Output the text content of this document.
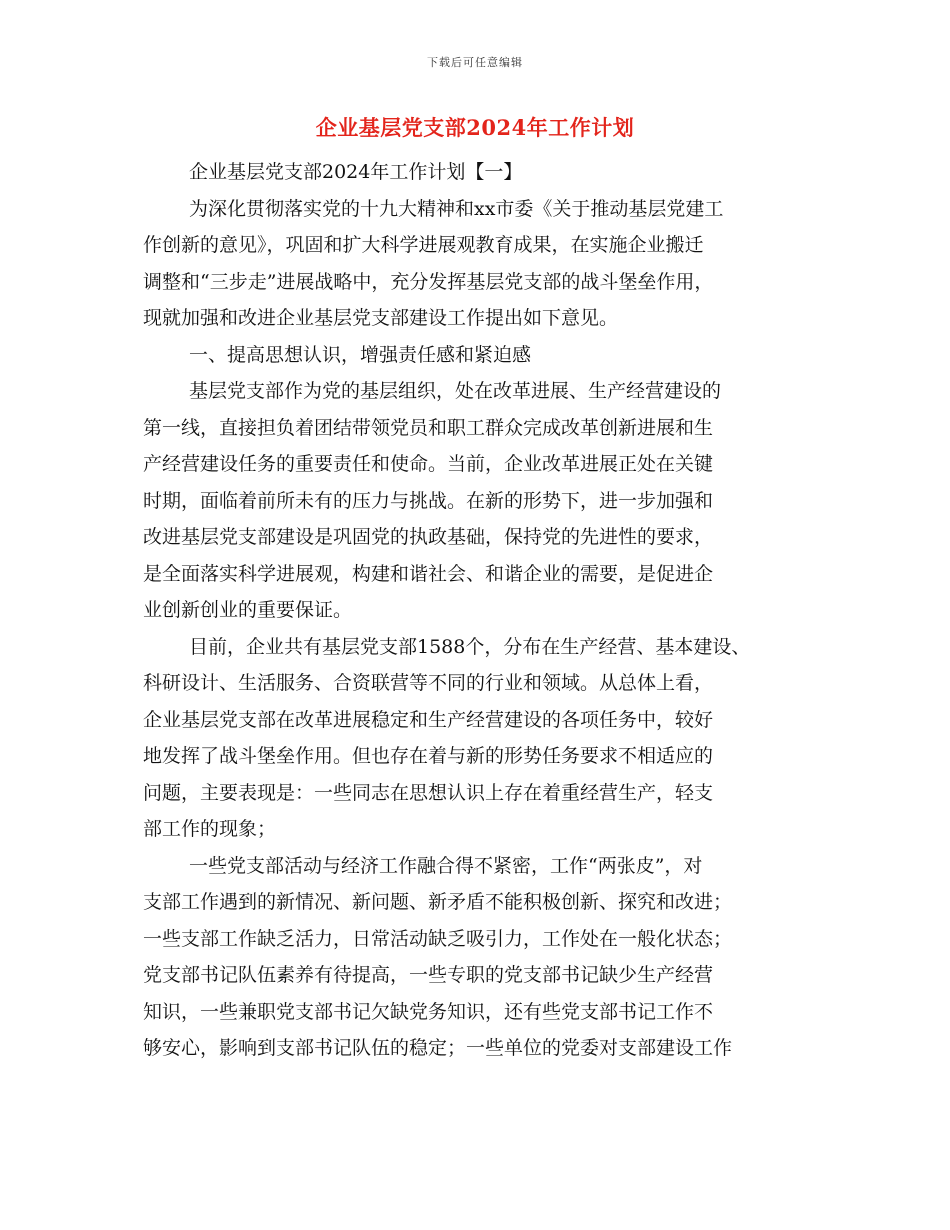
下载后可任意编辑
企业基层党支部2024年工作计划
企业基层党支部2024年工作计划【一】
为深化贯彻落实党的十九大精神和xx市委《关于推动基层党建工
作创新的意见》，巩固和扩大科学进展观教育成果，在实施企业搬迁
调整和“三步走”进展战略中，充分发挥基层党支部的战斗堡垒作用，
现就加强和改进企业基层党支部建设工作提出如下意见。
一、提高思想认识，增强责任感和紧迫感
基层党支部作为党的基层组织，处在改革进展、生产经营建设的
第一线，直接担负着团结带领党员和职工群众完成改革创新进展和生
产经营建设任务的重要责任和使命。当前，企业改革进展正处在关键
时期，面临着前所未有的压力与挑战。在新的形势下，进一步加强和
改进基层党支部建设是巩固党的执政基础，保持党的先进性的要求，
是全面落实科学进展观，构建和谐社会、和谐企业的需要，是促进企
业创新创业的重要保证。
目前，企业共有基层党支部1588个，分布在生产经营、基本建设、
科研设计、生活服务、合资联营等不同的行业和领域。从总体上看，
企业基层党支部在改革进展稳定和生产经营建设的各项任务中，较好
地发挥了战斗堡垒作用。但也存在着与新的形势任务要求不相适应的
问题，主要表现是：一些同志在思想认识上存在着重经营生产，轻支
部工作的现象；
一些党支部活动与经济工作融合得不紧密，工作“两张皮”，对
支部工作遇到的新情况、新问题、新矛盾不能积极创新、探究和改进；
一些支部工作缺乏活力，日常活动缺乏吸引力，工作处在一般化状态；
党支部书记队伍素养有待提高，一些专职的党支部书记缺少生产经营
知识，一些兼职党支部书记欠缺党务知识，还有些党支部书记工作不
够安心，影响到支部书记队伍的稳定；一些单位的党委对支部建设工作
